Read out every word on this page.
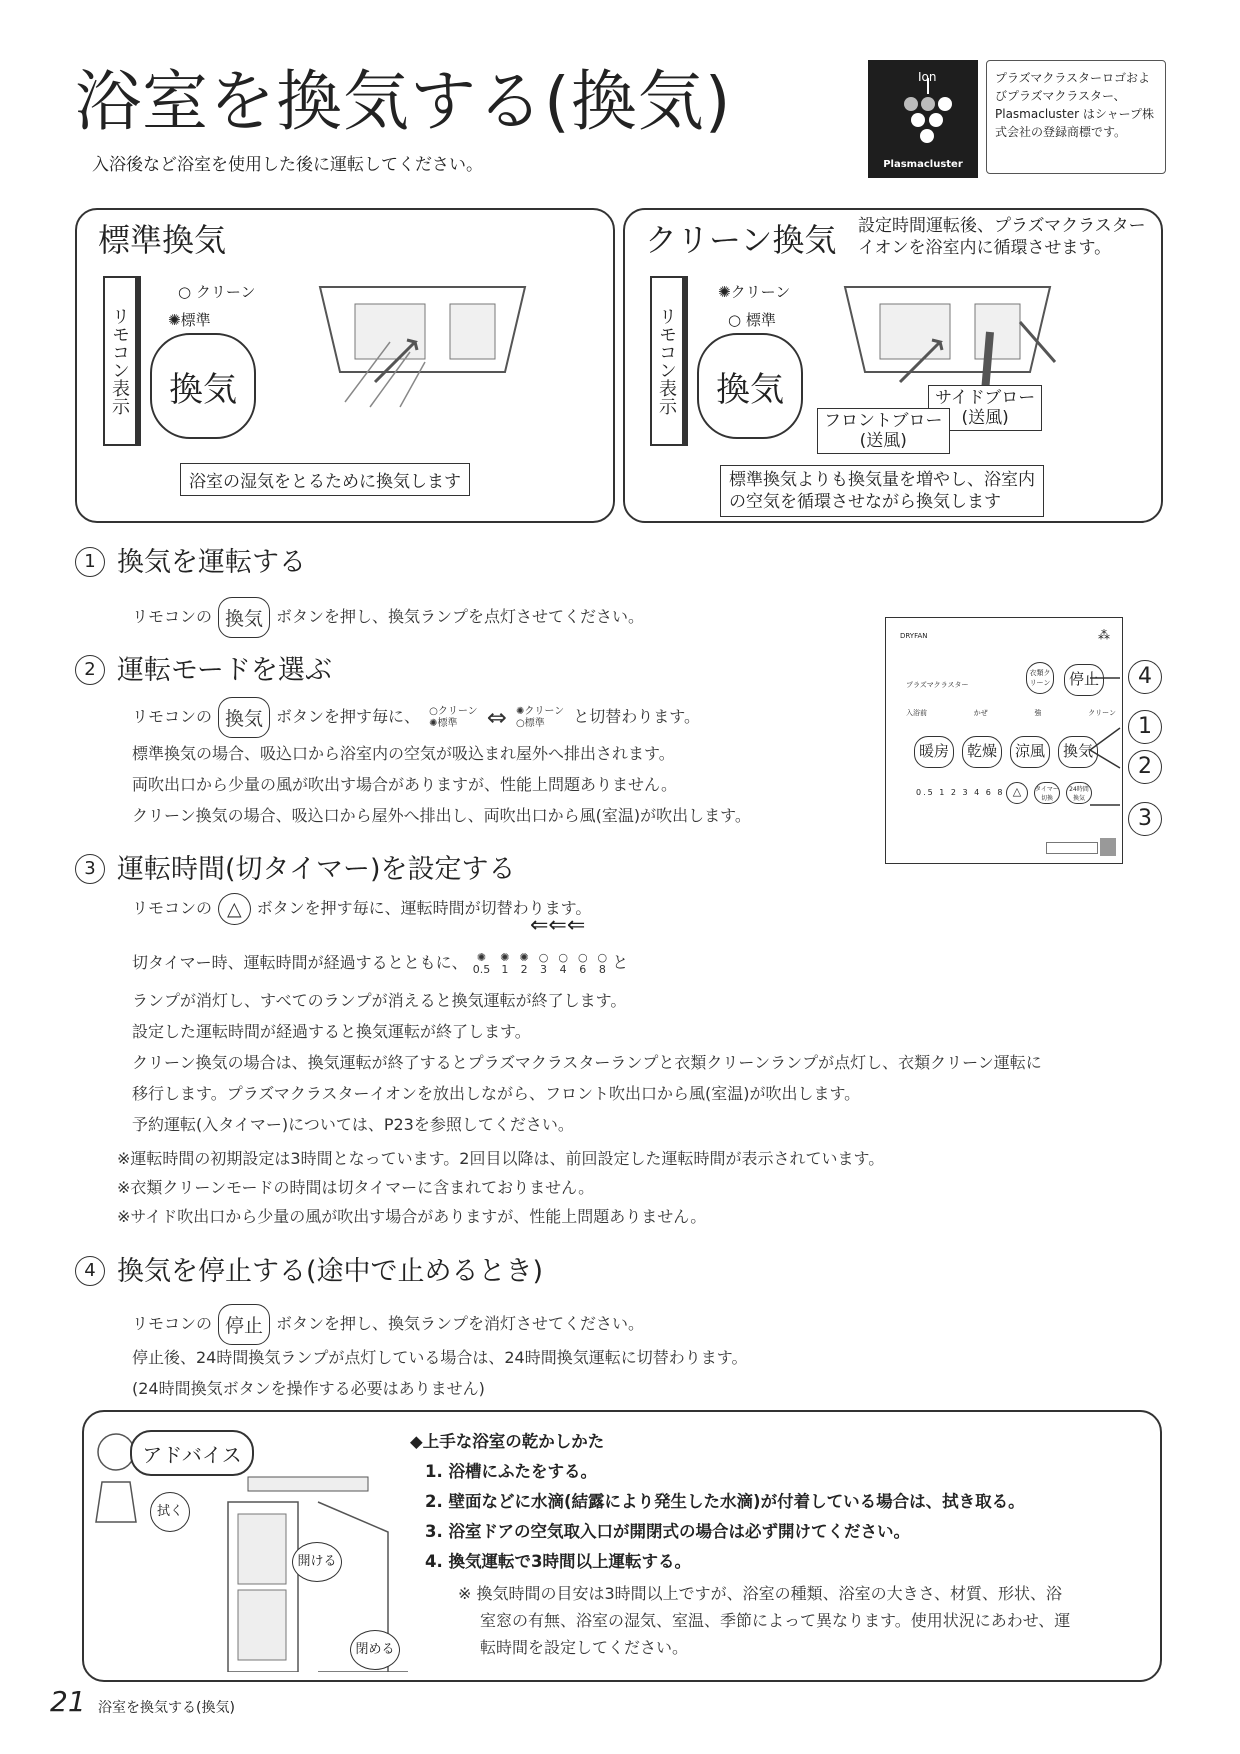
浴室を換気する(換気)
入浴後など浴室を使用した後に運転してください。
Ion
Plasmacluster
プラズマクラスターロゴおよびプラズマクラスター、Plasmacluster はシャープ株式会社の登録商標です。
標準換気
リモコン表示
○ クリーン
✺標準
換気
浴室の湿気をとるために換気します
クリーン換気 設定時間運転後、プラズマクラスターイオンを浴室内に循環させます。
リモコン表示
✺クリーン
○ 標準
換気	サイドブロー
(送風)
フロントブロー
(送風)
標準換気よりも換気量を増やし、浴室内
の空気を循環させながら換気します
1 換気を運転する
リモコンの 換気 ボタンを押し、換気ランプを点灯させてください。
2 運転モードを選ぶ
リモコンの 換気 ボタンを押す毎に、 ○クリーン
✺標準 ⇔ ✺クリーン
○標準 と切替わります。
標準換気の場合、吸込口から浴室内の空気が吸込まれ屋外へ排出されます。
両吹出口から少量の風が吹出す場合がありますが、性能上問題ありません。
クリーン換気の場合、吸込口から屋外へ排出し、両吹出口から風(室温)が吹出します。
DRYFAN	⁂
プラズマクラスター
衣類クリーン	停止
入浴前	かぜ	強	クリーン
暖房	乾燥	涼風	換気
0.5 1 2 3 4 6 8 △	タイマー切換
24時間換気
4
1
2
3
3 運転時間(切タイマー)を設定する
リモコンの △ ボタンを押す毎に、運転時間が切替わります。
⇐⇐⇐
切タイマー時、運転時間が経過するとともに、 ✺
0.5
✺
1
✺
2
○
3
○
4
○
6
○
8 と
ランプが消灯し、すべてのランプが消えると換気運転が終了します。
設定した運転時間が経過すると換気運転が終了します。
クリーン換気の場合は、換気運転が終了するとプラズマクラスターランプと衣類クリーンランプが点灯し、衣類クリーン運転に
移行します。プラズマクラスターイオンを放出しながら、フロント吹出口から風(室温)が吹出します。
予約運転(入タイマー)については、P23を参照してください。
※運転時間の初期設定は3時間となっています。2回目以降は、前回設定した運転時間が表示されています。
※衣類クリーンモードの時間は切タイマーに含まれておりません。
※サイド吹出口から少量の風が吹出す場合がありますが、性能上問題ありません。
4 換気を停止する(途中で止めるとき)
リモコンの 停止 ボタンを押し、換気ランプを消灯させてください。
停止後、24時間換気ランプが点灯している場合は、24時間換気運転に切替わります。
(24時間換気ボタンを操作する必要はありません)
アドバイス
拭く
開ける
閉める
◆上手な浴室の乾かしかた
1. 浴槽にふたをする。
2. 壁面などに水滴(結露により発生した水滴)が付着している場合は、拭き取る。
3. 浴室ドアの空気取入口が開閉式の場合は必ず開けてください。
4. 換気運転で3時間以上運転する。
※ 換気時間の目安は3時間以上ですが、浴室の種類、浴室の大きさ、材質、形状、浴
室窓の有無、浴室の湿気、室温、季節によって異なります。使用状況にあわせ、運
転時間を設定してください。
21 浴室を換気する(換気)
